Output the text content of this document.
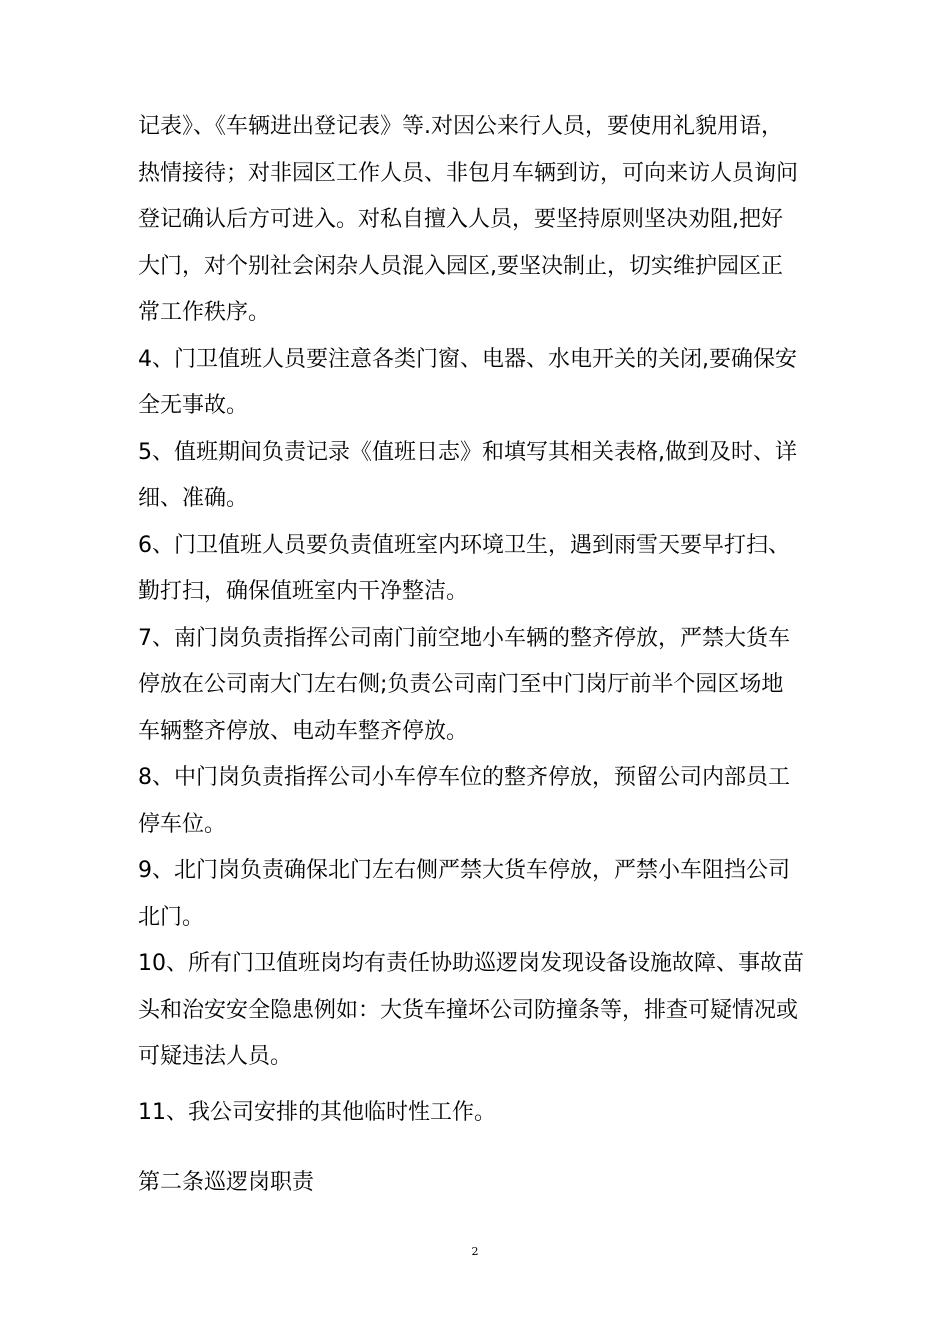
记表》、《车辆进出登记表》等.对因公来行人员，要使用礼貌用语，
热情接待；对非园区工作人员、非包月车辆到访，可向来访人员询问
登记确认后方可进入。对私自擅入人员，要坚持原则坚决劝阻,把好
大门，对个别社会闲杂人员混入园区,要坚决制止，切实维护园区正
常工作秩序。

4、门卫值班人员要注意各类门窗、电器、水电开关的关闭,要确保安
全无事故。

5、值班期间负责记录《值班日志》和填写其相关表格,做到及时、详
细、准确。

6、门卫值班人员要负责值班室内环境卫生，遇到雨雪天要早打扫、
勤打扫，确保值班室内干净整洁。

7、南门岗负责指挥公司南门前空地小车辆的整齐停放，严禁大货车
停放在公司南大门左右侧;负责公司南门至中门岗厅前半个园区场地
车辆整齐停放、电动车整齐停放。

8、中门岗负责指挥公司小车停车位的整齐停放，预留公司内部员工
停车位。

9、北门岗负责确保北门左右侧严禁大货车停放，严禁小车阻挡公司
北门。

10、所有门卫值班岗均有责任协助巡逻岗发现设备设施故障、事故苗
头和治安安全隐患例如：大货车撞坏公司防撞条等，排查可疑情况或
可疑违法人员。

11、我公司安排的其他临时性工作。

第二条巡逻岗职责

2
